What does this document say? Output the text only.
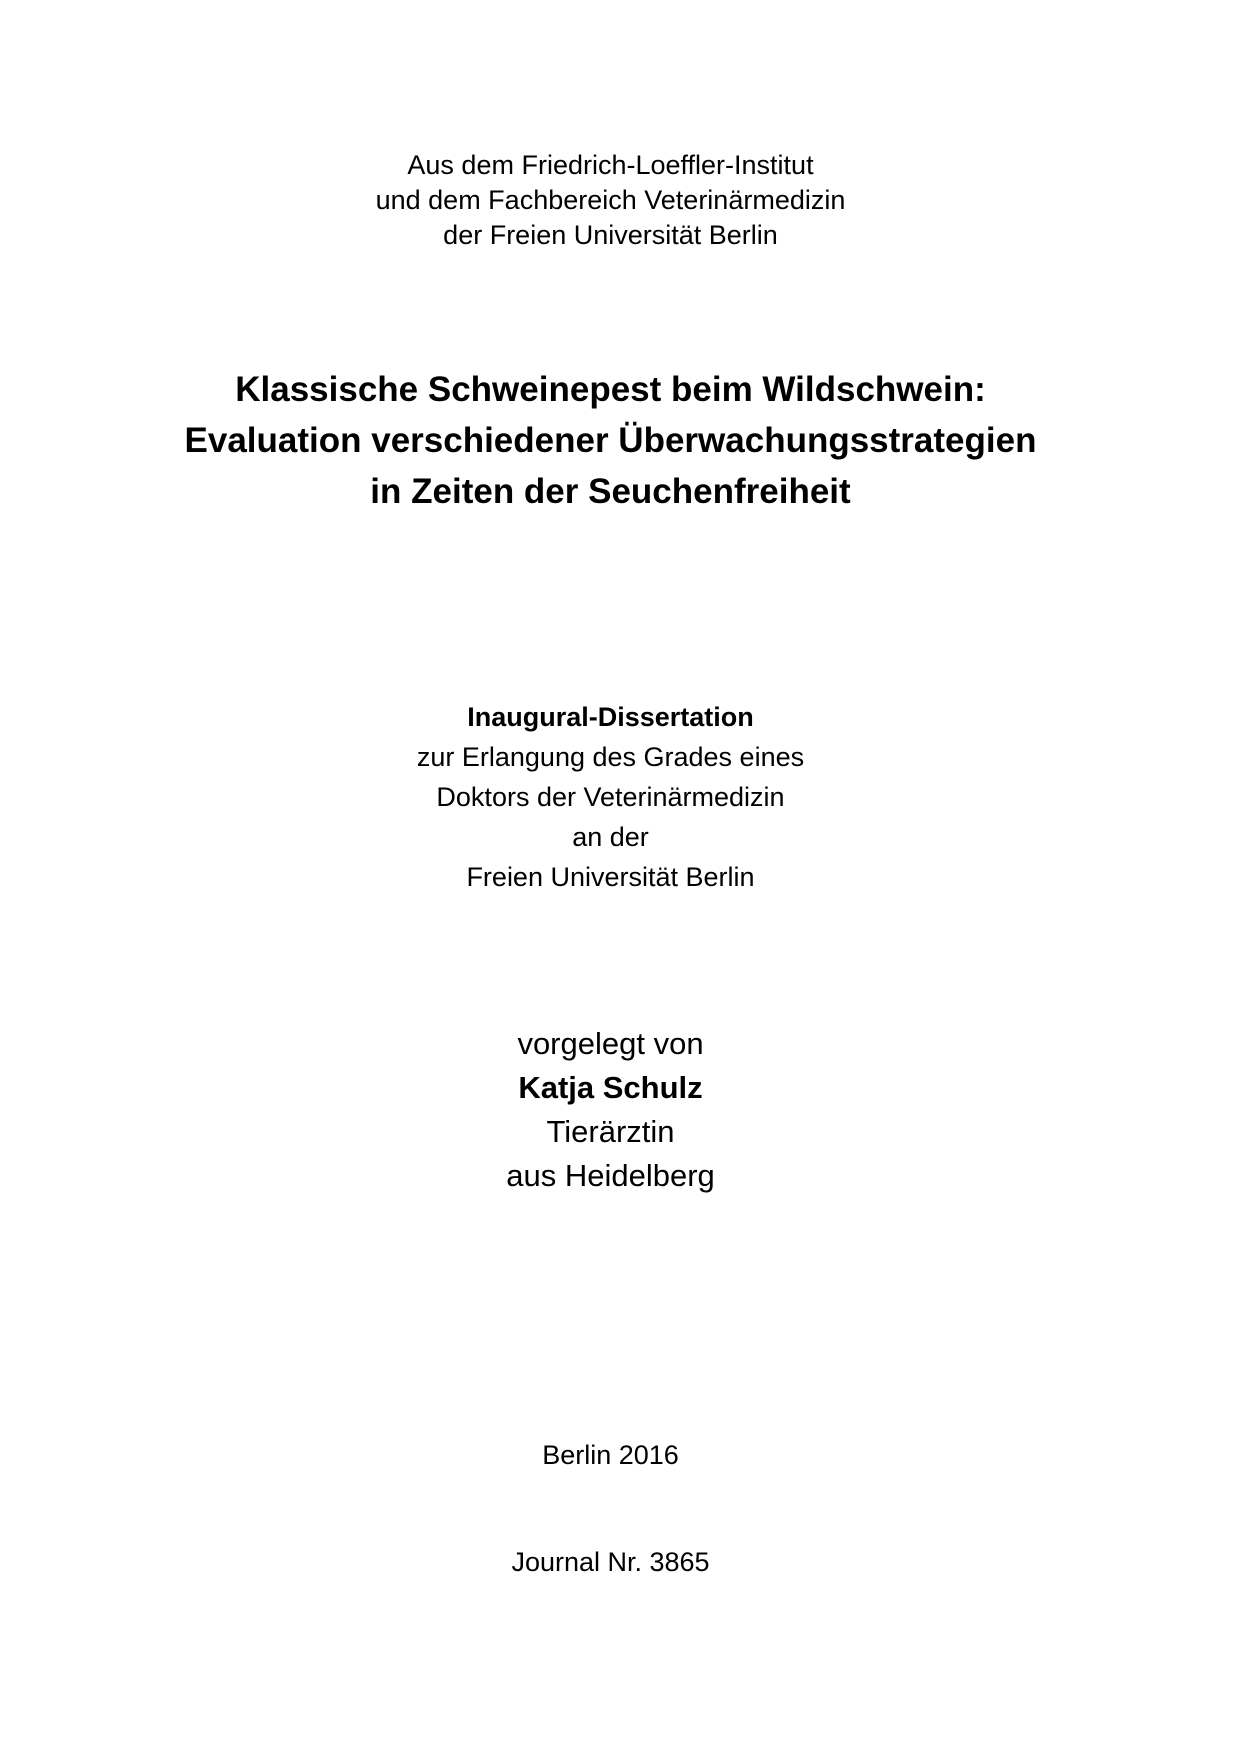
Aus dem Friedrich-Loeffler-Institut
und dem Fachbereich Veterinärmedizin
der Freien Universität Berlin
Klassische Schweinepest beim Wildschwein:
Evaluation verschiedener Überwachungsstrategien
in Zeiten der Seuchenfreiheit
Inaugural-Dissertation
zur Erlangung des Grades eines
Doktors der Veterinärmedizin
an der
Freien Universität Berlin
vorgelegt von
Katja Schulz
Tierärztin
aus Heidelberg
Berlin 2016
Journal Nr. 3865
